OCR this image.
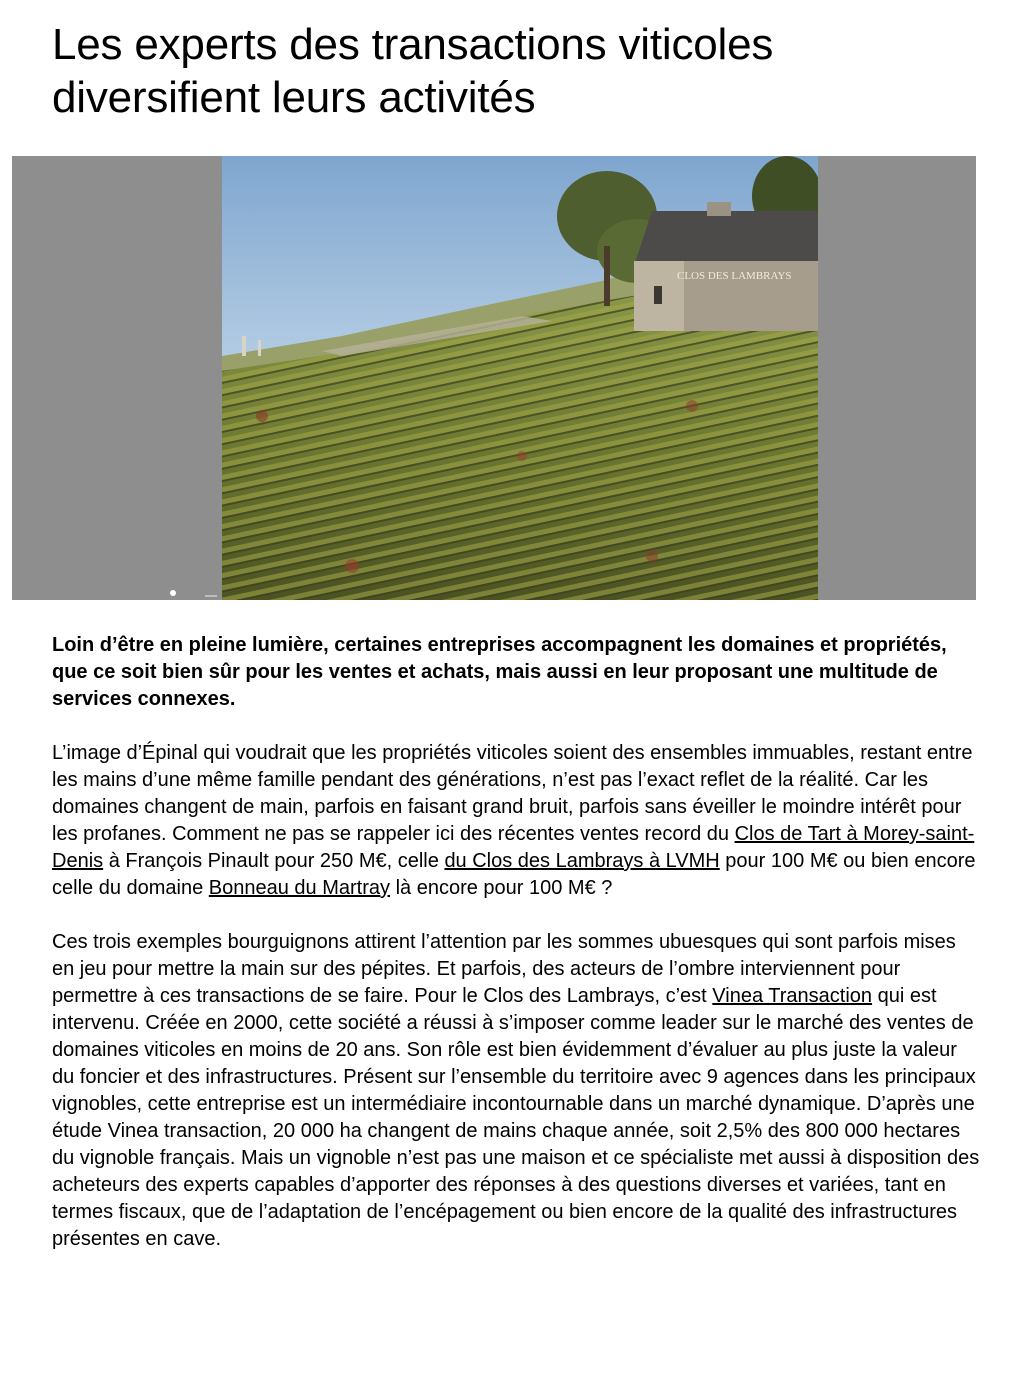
Les experts des transactions viticoles diversifient leurs activités
CLOS DES LAMBRAYS

Loin d’être en pleine lumière, certaines entreprises accompagnent les domaines et propriétés, que ce soit bien sûr pour les ventes et achats, mais aussi en leur proposant une multitude de services connexes.

L’image d’Épinal qui voudrait que les propriétés viticoles soient des ensembles immuables, restant entre les mains d’une même famille pendant des générations, n’est pas l’exact reflet de la réalité. Car les domaines changent de main, parfois en faisant grand bruit, parfois sans éveiller le moindre intérêt pour les profanes. Comment ne pas se rappeler ici des récentes ventes record du Clos de Tart à Morey-saint-Denis à François Pinault pour 250 M€, celle du Clos des Lambrays à LVMH pour 100 M€ ou bien encore celle du domaine Bonneau du Martray là encore pour 100 M€ ?

Ces trois exemples bourguignons attirent l’attention par les sommes ubuesques qui sont parfois mises en jeu pour mettre la main sur des pépites. Et parfois, des acteurs de l’ombre interviennent pour permettre à ces transactions de se faire. Pour le Clos des Lambrays, c’est Vinea Transaction qui est intervenu. Créée en 2000, cette société a réussi à s’imposer comme leader sur le marché des ventes de domaines viticoles en moins de 20 ans. Son rôle est bien évidemment d’évaluer au plus juste la valeur du foncier et des infrastructures. Présent sur l’ensemble du territoire avec 9 agences dans les principaux vignobles, cette entreprise est un intermédiaire incontournable dans un marché dynamique. D’après une étude Vinea transaction, 20 000 ha changent de mains chaque année, soit 2,5% des 800 000 hectares du vignoble français. Mais un vignoble n’est pas une maison et ce spécialiste met aussi à disposition des acheteurs des experts capables d’apporter des réponses à des questions diverses et variées, tant en termes fiscaux, que de l’adaptation de l’encépagement ou bien encore de la qualité des infrastructures présentes en cave.
